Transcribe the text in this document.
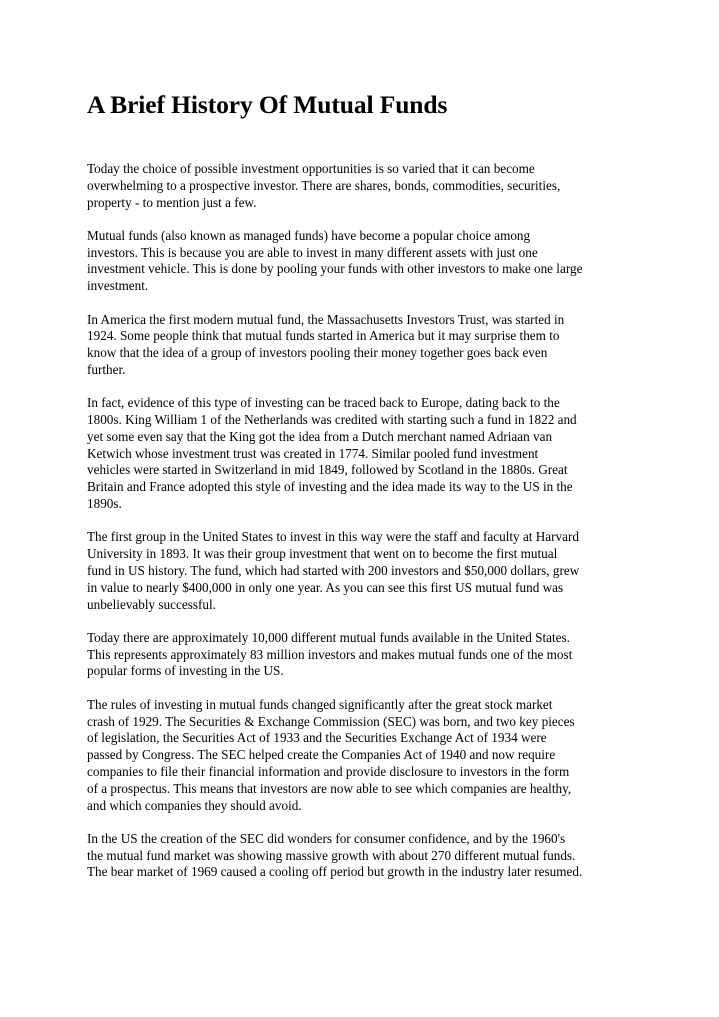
A Brief History Of Mutual Funds

Today the choice of possible investment opportunities is so varied that it can become
overwhelming to a prospective investor. There are shares, bonds, commodities, securities,
property - to mention just a few.

Mutual funds (also known as managed funds) have become a popular choice among
investors. This is because you are able to invest in many different assets with just one
investment vehicle. This is done by pooling your funds with other investors to make one large
investment.

In America the first modern mutual fund, the Massachusetts Investors Trust, was started in
1924. Some people think that mutual funds started in America but it may surprise them to
know that the idea of a group of investors pooling their money together goes back even
further.

In fact, evidence of this type of investing can be traced back to Europe, dating back to the
1800s. King William 1 of the Netherlands was credited with starting such a fund in 1822 and
yet some even say that the King got the idea from a Dutch merchant named Adriaan van
Ketwich whose investment trust was created in 1774. Similar pooled fund investment
vehicles were started in Switzerland in mid 1849, followed by Scotland in the 1880s. Great
Britain and France adopted this style of investing and the idea made its way to the US in the
1890s.

The first group in the United States to invest in this way were the staff and faculty at Harvard
University in 1893. It was their group investment that went on to become the first mutual
fund in US history. The fund, which had started with 200 investors and $50,000 dollars, grew
in value to nearly $400,000 in only one year. As you can see this first US mutual fund was
unbelievably successful.

Today there are approximately 10,000 different mutual funds available in the United States.
This represents approximately 83 million investors and makes mutual funds one of the most
popular forms of investing in the US.

The rules of investing in mutual funds changed significantly after the great stock market
crash of 1929. The Securities & Exchange Commission (SEC) was born, and two key pieces
of legislation, the Securities Act of 1933 and the Securities Exchange Act of 1934 were
passed by Congress. The SEC helped create the Companies Act of 1940 and now require
companies to file their financial information and provide disclosure to investors in the form
of a prospectus. This means that investors are now able to see which companies are healthy,
and which companies they should avoid.

In the US the creation of the SEC did wonders for consumer confidence, and by the 1960's
the mutual fund market was showing massive growth with about 270 different mutual funds.
The bear market of 1969 caused a cooling off period but growth in the industry later resumed.
